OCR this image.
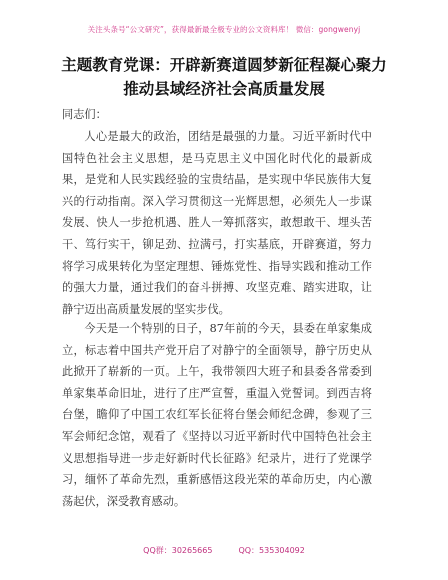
关注头条号“公文研究”，获得最新最全极专业的公文资料库！ 微信：gongwenyj
主题教育党课：开辟新赛道圆梦新征程凝心聚力推动县域经济社会高质量发展
同志们：

人心是最大的政治，团结是最强的力量。习近平新时代中国特色社会主义思想，是马克思主义中国化时代化的最新成果，是党和人民实践经验的宝贵结晶，是实现中华民族伟大复兴的行动指南。深入学习贯彻这一光辉思想，必须先人一步谋发展、快人一步抢机遇、胜人一筹抓落实，敢想敢干、埋头苦干、笃行实干，铆足劲、拉满弓，打实基底，开辟赛道，努力将学习成果转化为坚定理想、锤炼党性、指导实践和推动工作的强大力量，通过我们的奋斗拼搏、攻坚克难、踏实进取，让静宁迈出高质量发展的坚实步伐。

今天是一个特别的日子，87年前的今天，县委在单家集成立，标志着中国共产党开启了对静宁的全面领导，静宁历史从此掀开了崭新的一页。上午，我带领四大班子和县委各常委到单家集革命旧址，进行了庄严宣誓，重温入党誓词。到西吉将台堡，瞻仰了中国工农红军长征将台堡会师纪念碑，参观了三军会师纪念馆，观看了《坚持以习近平新时代中国特色社会主义思想指导进一步走好新时代长征路》纪录片，进行了党课学习，缅怀了革命先烈，重新感悟这段光荣的革命历史，内心激荡起伏，深受教育感动。

QQ群：30265665	QQ：535304092
